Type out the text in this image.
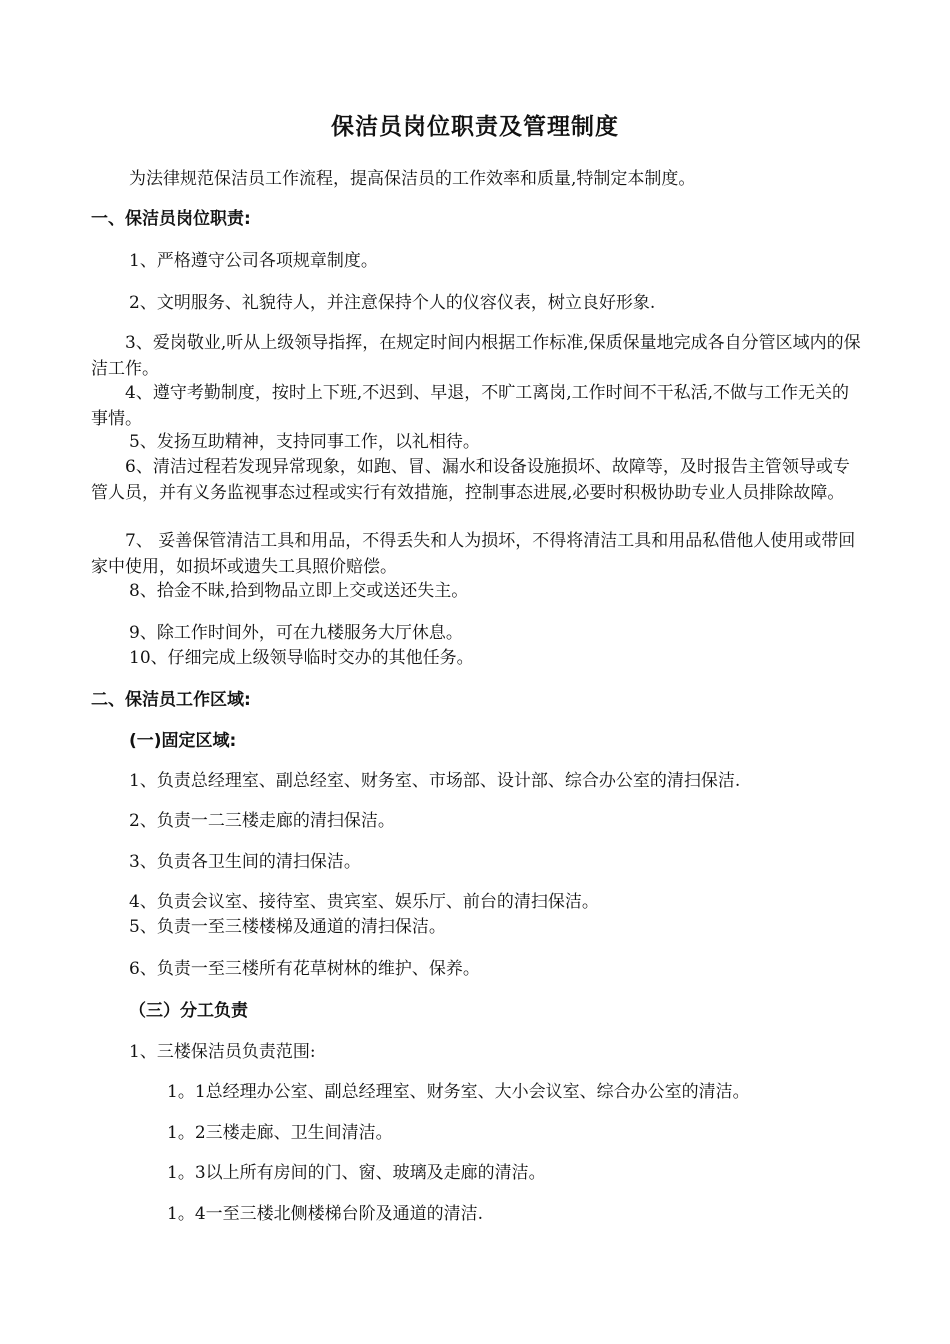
保洁员岗位职责及管理制度
为法律规范保洁员工作流程，提高保洁员的工作效率和质量,特制定本制度。
一、保洁员岗位职责:
1、严格遵守公司各项规章制度。
2、文明服务、礼貌待人，并注意保持个人的仪容仪表，树立良好形象.
3、爱岗敬业,听从上级领导指挥，在规定时间内根据工作标准,保质保量地完成各自分管区域内的保洁工作。
4、遵守考勤制度，按时上下班,不迟到、早退，不旷工离岗,工作时间不干私活,不做与工作无关的事情。
5、发扬互助精神，支持同事工作，以礼相待。
6、清洁过程若发现异常现象，如跑、冒、漏水和设备设施损坏、故障等，及时报告主管领导或专管人员，并有义务监视事态过程或实行有效措施，控制事态进展,必要时积极协助专业人员排除故障。
7、 妥善保管清洁工具和用品，不得丢失和人为损坏，不得将清洁工具和用品私借他人使用或带回家中使用，如损坏或遗失工具照价赔偿。
8、拾金不昧,拾到物品立即上交或送还失主。
9、除工作时间外，可在九楼服务大厅休息。
10、仔细完成上级领导临时交办的其他任务。
二、保洁员工作区域:
(一)固定区域:
1、负责总经理室、副总经室、财务室、市场部、设计部、综合办公室的清扫保洁.
2、负责一二三楼走廊的清扫保洁。
3、负责各卫生间的清扫保洁。
4、负责会议室、接待室、贵宾室、娱乐厅、前台的清扫保洁。
5、负责一至三楼楼梯及通道的清扫保洁。
6、负责一至三楼所有花草树林的维护、保养。
（三）分工负责
1、三楼保洁员负责范围:
1。1总经理办公室、副总经理室、财务室、大小会议室、综合办公室的清洁。
1。2三楼走廊、卫生间清洁。
1。3以上所有房间的门、窗、玻璃及走廊的清洁。
1。4一至三楼北侧楼梯台阶及通道的清洁.
